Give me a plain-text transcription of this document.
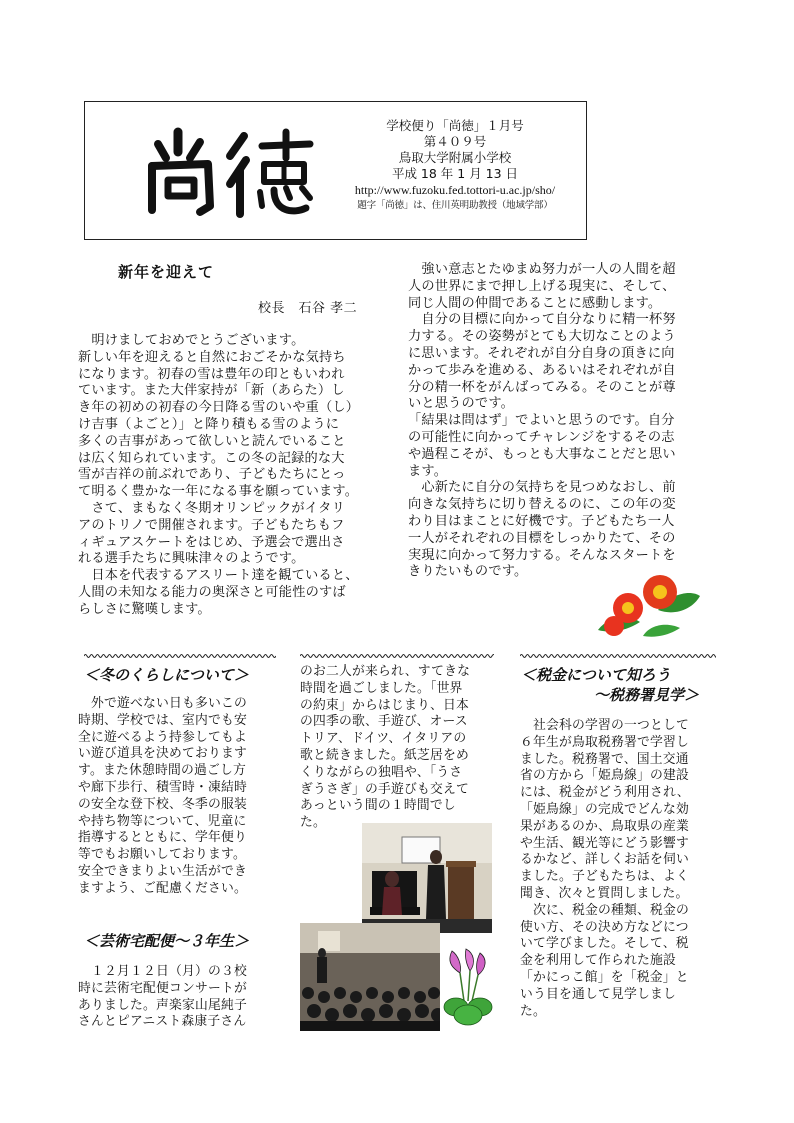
学校便り「尚徳」１月号
第４０９号
鳥取大学附属小学校
平成 18 年 1 月 13 日
http://www.fuzoku.fed.tottori-u.ac.jp/sho/
題字「尚徳」は、住川英明助教授（地域学部）
新年を迎えて
校長　石谷 孝二

　明けましておめでとうございます。

新しい年を迎えると自然におごそかな気持ち

になります。初春の雪は豊年の印ともいわれ

ています。また大伴家持が「新（あらた）し

き年の初めの初春の今日降る雪のいや重（し）

け吉事（よごと）」と降り積もる雪のように

多くの吉事があって欲しいと読んでいること

は広く知られています。この冬の記録的な大

雪が吉祥の前ぶれであり、子どもたちにとっ

て明るく豊かな一年になる事を願っています。

　さて、まもなく冬期オリンピックがイタリ

アのトリノで開催されます。子どもたちもフ

ィギュアスケートをはじめ、予選会で選出さ

れる選手たちに興味津々のようです。

　日本を代表するアスリート達を観ていると、

人間の未知なる能力の奥深さと可能性のすば

らしさに驚嘆します。

　強い意志とたゆまぬ努力が一人の人間を超

人の世界にまで押し上げる現実に、そして、

同じ人間の仲間であることに感動します。

　自分の目標に向かって自分なりに精一杯努

力する。その姿勢がとても大切なことのよう

に思います。それぞれが自分自身の頂きに向

かって歩みを進める、あるいはそれぞれが自

分の精一杯をがんばってみる。そのことが尊

いと思うのです。

「結果は問はず」でよいと思うのです。自分

の可能性に向かってチャレンジをするその志

や過程こそが、もっとも大事なことだと思い

ます。

　心新たに自分の気持ちを見つめなおし、前

向きな気持ちに切り替えるのに、この年の変

わり目はまことに好機です。子どもたち一人

一人がそれぞれの目標をしっかりたて、その

実現に向かって努力する。そんなスタートを

きりたいものです。

＜冬のくらしについて＞

　外で遊べない日も多いこの

時期、学校では、室内でも安

全に遊べるよう持参してもよ

い遊び道具を決めております

す。また休憩時間の過ごし方

や廊下歩行、積雪時・凍結時

の安全な登下校、冬季の服装

や持ち物等について、児童に

指導するとともに、学年便り

等でもお願いしております。

安全できまりよい生活ができ

ますよう、ご配慮ください。

＜芸術宅配便～３年生＞

　１２月１２日（月）の３校

時に芸術宅配便コンサートが

ありました。声楽家山尾純子

さんとピアニスト森康子さん

のお二人が来られ、すてきな

時間を過ごしました。「世界

の約束」からはじまり、日本

の四季の歌、手遊び、オース

トリア、ドイツ、イタリアの

歌と続きました。紙芝居をめ

くりながらの独唱や、「うさ

ぎうさぎ」の手遊びも交えて

あっという間の１時間でし

た。

＜税金について知ろう
～税務署見学＞

　社会科の学習の一つとして

６年生が鳥取税務署で学習し

ました。税務署で、国土交通

省の方から「姫鳥線」の建設

には、税金がどう利用され、

「姫鳥線」の完成でどんな効

果があるのか、鳥取県の産業

や生活、観光等にどう影響す

るかなど、詳しくお話を伺い

ました。子どもたちは、よく

聞き、次々と質問しました。

　次に、税金の種類、税金の

使い方、その決め方などにつ

いて学びました。そして、税

金を利用して作られた施設

「かにっこ館」を「税金」と

いう目を通して見学しまし

た。
